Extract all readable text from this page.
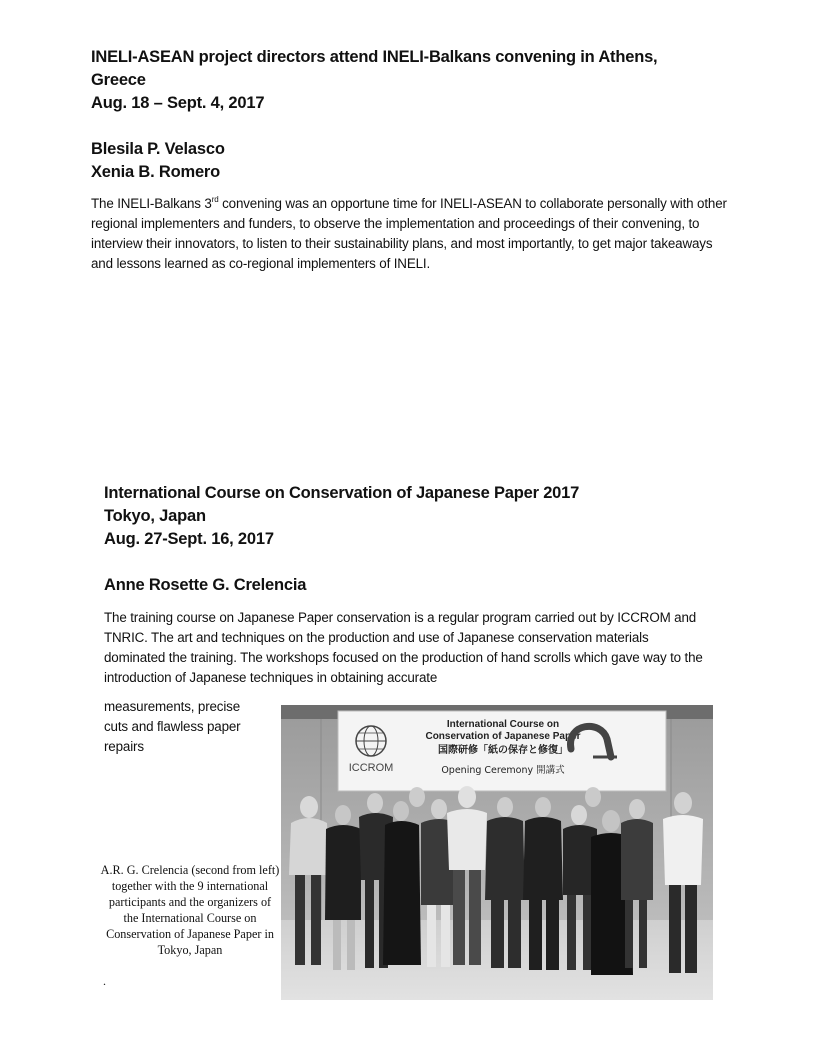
INELI-ASEAN project directors attend INELI-Balkans convening in Athens,

Greece

Aug. 18 – Sept. 4, 2017

Blesila P. Velasco

Xenia B. Romero

The INELI-Balkans 3rd convening was an opportune time for INELI-ASEAN to collaborate personally with other regional implementers and funders, to observe the implementation and proceedings of their convening, to interview their innovators, to listen to their sustainability plans, and most importantly, to get major takeaways and lessons learned as co-regional implementers of INELI.

International Course on Conservation of Japanese Paper 2017

Tokyo, Japan

Aug. 27-Sept. 16, 2017

Anne Rosette G. Crelencia

The training course on Japanese Paper conservation is a regular program carried out by ICCROM and TNRIC. The art and techniques on the production and use of Japanese conservation materials dominated the training. The workshops focused on the production of hand scrolls which gave way to the introduction of Japanese techniques in obtaining accurate

measurements, precise
cuts and flawless paper
repairs
ICCROM
International Course on
Conservation of Japanese Paper
国際研修「紙の保存と修復」
Opening Ceremony 開講式
A.R. G. Crelencia (second from left) together with the 9 international participants and the organizers of the International Course on Conservation of Japanese Paper in Tokyo, Japan
.
